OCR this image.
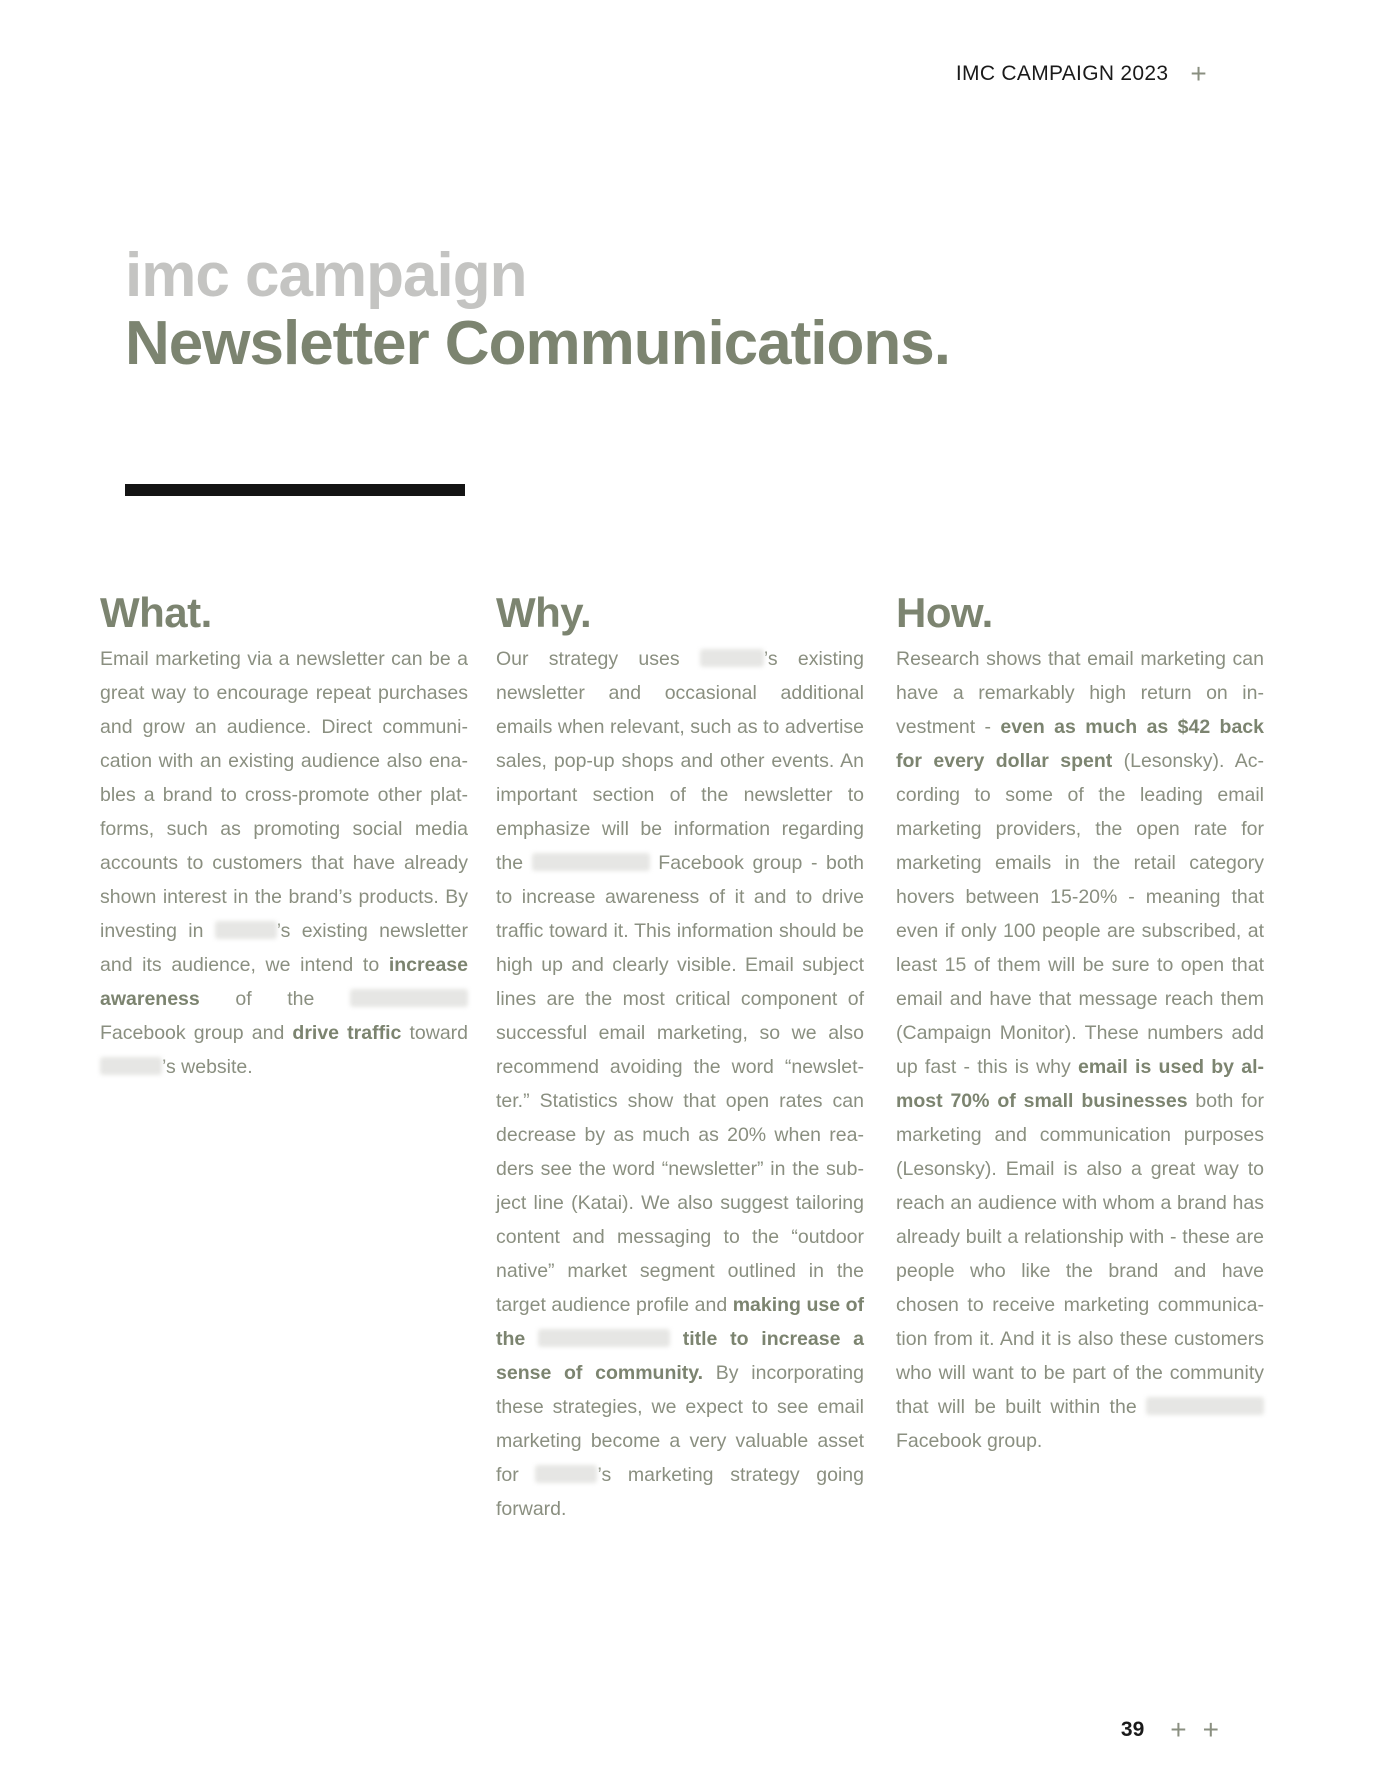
IMC CAMPAIGN 2023 +
imc campaign
Newsletter Communications.
What.

Email marketing via a newsletter can be a great way to encourage repeat purchases and grow an audience. Direct communication with an existing audience also enables a brand to cross-promote other platforms, such as promoting social media accounts to customers that have already shown interest in the brand’s products. By investing in	’s existing newsletter and its audience, we intend to increase awareness of the  Facebook group and drive traffic toward ’s website.

Why.

Our strategy uses	’s existing newsletter and occasional additional emails when relevant, such as to advertise sales, pop-up shops and other events. An important section of the newsletter to emphasize will be information regarding the	Facebook group - both to increase awareness of it and to drive traffic toward it. This information should be high up and clearly visible. Email subject lines are the most critical component of successful email marketing, so we also recommend avoiding the word “newsletter.” Statistics show that open rates can decrease by as much as 20% when readers see the word “newsletter” in the subject line (Katai). We also suggest tailoring content and messaging to the “outdoor native” market segment outlined in the target audience profile and making use of the	title to increase a sense of community. By incorporating these strategies, we expect to see email marketing become a very valuable asset for	’s marketing strategy going forward.

How.

Research shows that email marketing can have a remarkably high return on investment - even as much as $42 back for every dollar spent (Lesonsky). According to some of the leading email marketing providers, the open rate for marketing emails in the retail category hovers between 15-20% - meaning that even if only 100 people are subscribed, at least 15 of them will be sure to open that email and have that message reach them (Campaign Monitor). These numbers add up fast - this is why email is used by almost 70% of small businesses both for marketing and communication purposes (Lesonsky). Email is also a great way to reach an audience with whom a brand has already built a relationship with - these are people who like the brand and have chosen to receive marketing communication from it. And it is also these customers who will want to be part of the community that will be built within the  Facebook group.

39 + +
